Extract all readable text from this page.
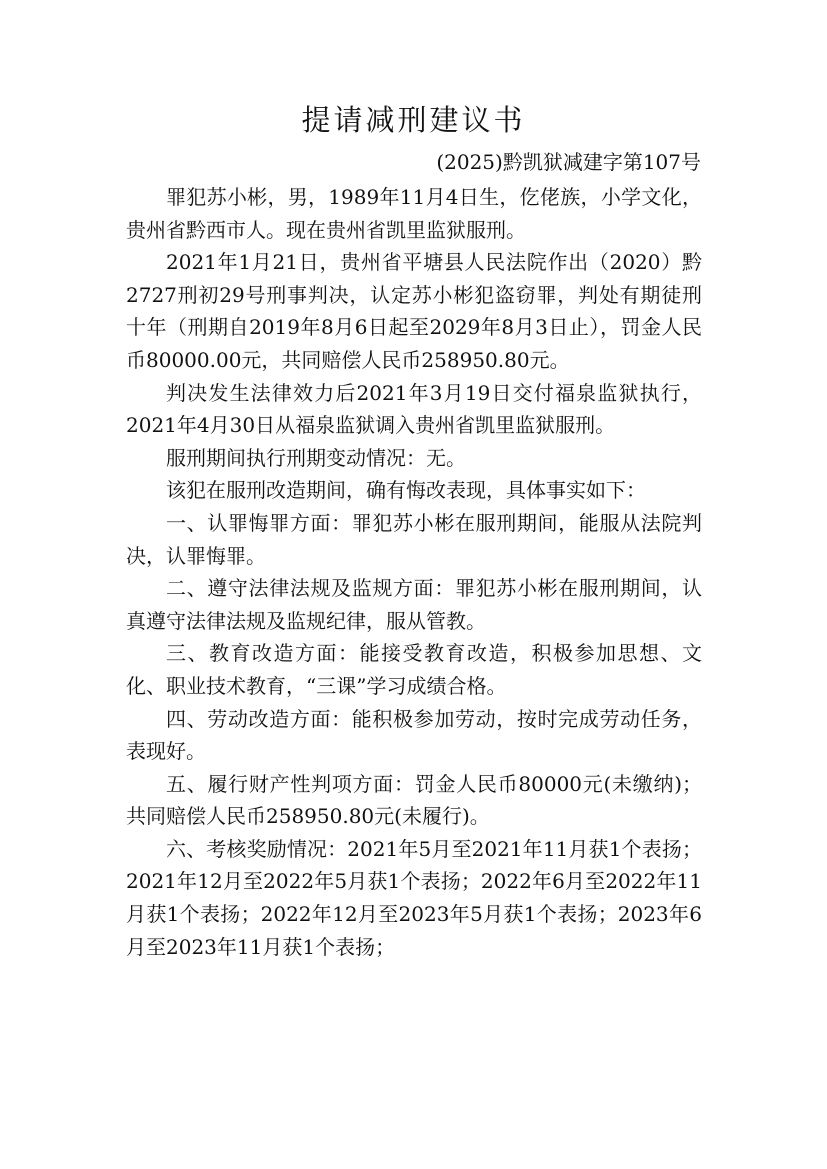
提请减刑建议书
(2025)黔凯狱减建字第107号

罪犯苏小彬，男，1989年11月4日生，仡佬族，小学文化，贵州省黔西市人。现在贵州省凯里监狱服刑。

2021年1月21日，贵州省平塘县人民法院作出（2020）黔2727刑初29号刑事判决，认定苏小彬犯盗窃罪，判处有期徒刑十年（刑期自2019年8月6日起至2029年8月3日止），罚金人民币80000.00元，共同赔偿人民币258950.80元。

判决发生法律效力后2021年3月19日交付福泉监狱执行，2021年4月30日从福泉监狱调入贵州省凯里监狱服刑。

服刑期间执行刑期变动情况：无。

该犯在服刑改造期间，确有悔改表现，具体事实如下：

一、认罪悔罪方面：罪犯苏小彬在服刑期间，能服从法院判决，认罪悔罪。

二、遵守法律法规及监规方面：罪犯苏小彬在服刑期间，认真遵守法律法规及监规纪律，服从管教。

三、教育改造方面：能接受教育改造，积极参加思想、文化、职业技术教育，“三课”学习成绩合格。

四、劳动改造方面：能积极参加劳动，按时完成劳动任务，表现好。

五、履行财产性判项方面：罚金人民币80000元(未缴纳)；共同赔偿人民币258950.80元(未履行)。

六、考核奖励情况：2021年5月至2021年11月获1个表扬；2021年12月至2022年5月获1个表扬；2022年6月至2022年11月获1个表扬；2022年12月至2023年5月获1个表扬；2023年6月至2023年11月获1个表扬；
